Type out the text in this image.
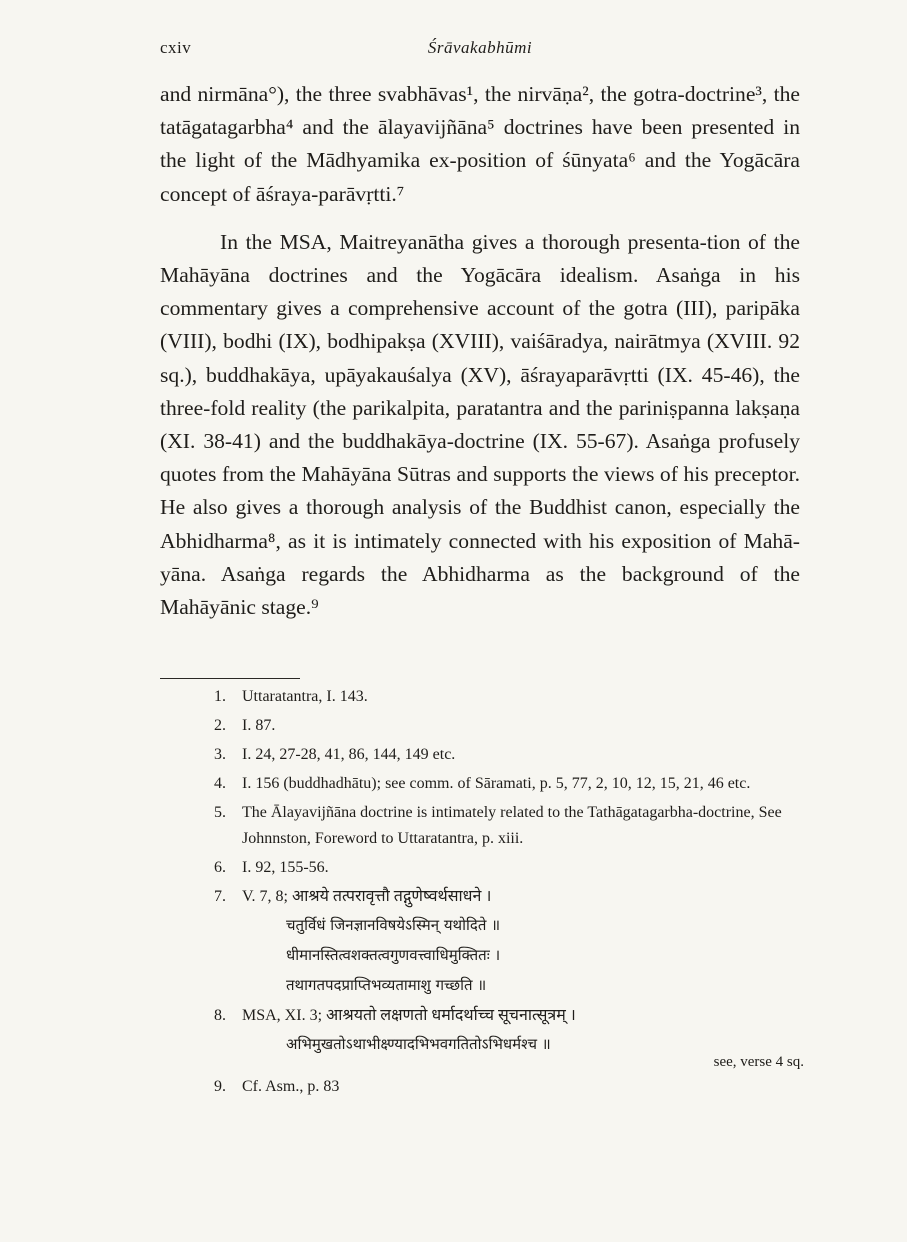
cxiv	Śrāvakabhūmi

and nirmāna°), the three svabhāvas¹, the nirvāṇa², the gotra-doctrine³, the tatāgatagarbha⁴ and the ālayavijñāna⁵ doctrines have been presented in the light of the Mādhyamika ex-position of śūnyata⁶ and the Yogācāra concept of āśraya-parāvṛtti.⁷

In the MSA, Maitreyanātha gives a thorough presenta-tion of the Mahāyāna doctrines and the Yogācāra idealism. Asaṅga in his commentary gives a comprehensive account of the gotra (III), paripāka (VIII), bodhi (IX), bodhipakṣa (XVIII), vaiśāradya, nairātmya (XVIII. 92 sq.), buddhakāya, upāyakauśalya (XV), āśrayaparāvṛtti (IX. 45-46), the three-fold reality (the parikalpita, paratantra and the pariniṣpanna lakṣaṇa (XI. 38-41) and the buddhakāya-doctrine (IX. 55-67). Asaṅga profusely quotes from the Mahāyāna Sūtras and supports the views of his preceptor. He also gives a thorough analysis of the Buddhist canon, especially the Abhidharma⁸, as it is intimately connected with his exposition of Mahā-yāna. Asaṅga regards the Abhidharma as the background of the Mahāyānic stage.⁹

1. Uttaratantra, I. 143.
2. I. 87.
3. I. 24, 27-28, 41, 86, 144, 149 etc.
4. I. 156 (buddhadhātu); see comm. of Sāramati, p. 5, 77, 2, 10, 12, 15, 21, 46 etc.
5. The Ālayavijñāna doctrine is intimately related to the Tathāgatagarbha-doctrine, See Johnnston, Foreword to Uttaratantra, p. xiii.
6. I. 92, 155-56.
7. V. 7, 8; आश्रये तत्परावृत्तौ तद्गुणेष्वर्थसाधने ।
चतुर्विधं जिनज्ञानविषयेऽस्मिन् यथोदिते ॥
धीमानस्तित्वशक्तत्वगुणवत्त्वाधिमुक्तितः ।
तथागतपदप्राप्तिभव्यतामाशु गच्छति ॥
8. MSA, XI. 3; आश्रयतो लक्षणतो धर्मादर्थाच्च सूचनात्सूत्रम् ।
अभिमुखतोऽथाभीक्ष्ण्यादभिभवगतितोऽभिधर्मश्च ॥
see, verse 4 sq.
9. Cf. Asm., p. 83
